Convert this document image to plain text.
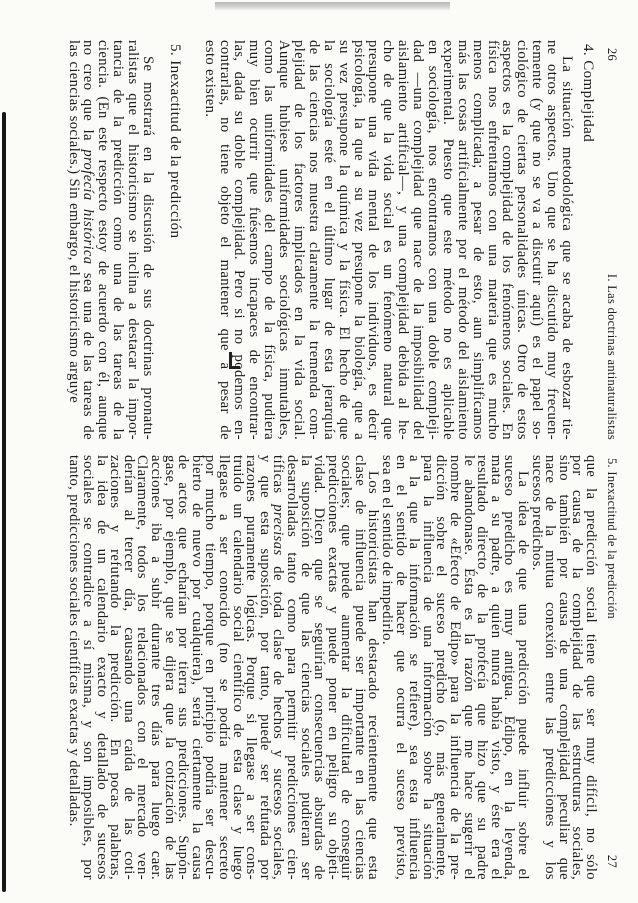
26
I. Las doctrinas antinaturalistas
4. Complejidad
La situación metodológica que se acaba de esbozar tie-
ne otros aspectos. Uno que se ha discutido muy frecuen-
temente (y que no se va a discutir aquí) es el papel so-
ciológico de ciertas personalidades únicas. Otro de estos
aspectos es la complejidad de los fenómenos sociales. En
física nos enfrentamos con una materia que es mucho
menos complicada; a pesar de esto, aun simplificamos
más las cosas artificialmente por el método del aislamiento
experimental. Puesto que este método no es aplicable
en sociología, nos encontramos con una doble compleji-
dad —una complejidad que nace de la imposibilidad del
aislamiento artificial—, y una complejidad debida al he-
cho de que la vida social es un fenómeno natural que
presupone una vida mental de los individuos, es decir
psicología, la que a su vez presupone la biología, que a
su vez presupone la química y la física. El hecho de que
la sociología esté en el último lugar de esta jerarquía
de las ciencias nos muestra claramente la tremenda com-
plejidad de los factores implicados en la vida social.
Aunque hubiese uniformidades sociológicas inmutables,
como las uniformidades del campo de la física, pudiera
muy bien ocurrir que fuésemos incapaces de encontrar-
las, dada su doble complejidad. Pero si no podemos en-
contrarlas, no tiene objeto el mantener que a pesar de
esto existen.
5. Inexactitud de la predicción
Se mostrará en la discusión de sus doctrinas pronatu-
ralistas que el historicismo se inclina a destacar la impor-
tancia de la predicción como una de las tareas de la
ciencia. (En este respecto estoy de acuerdo con él, aunque
no creo que la profecía histórica sea una de las tareas de
las ciencias sociales.) Sin embargo, el historicismo arguye
5. Inexactitud de la predicción
27
que la predicción social tiene que ser muy difícil, no sólo
por causa de la complejidad de las estructuras sociales,
sino también por causa de una complejidad peculiar que
nace de la mutua conexión entre las predicciones y los
sucesos predichos.
La idea de que una predicción puede influir sobre el
suceso predicho es muy antigua. Edipo, en la leyenda,
mata a su padre, a quien nunca había visto, y éste era el
resultado directo de la profecía que hizo que su padre
le abandonase. Ésta es la razón que me hace sugerir el
nombre de «Efecto de Edipo» para la influencia de la pre-
dicción sobre el suceso predicho (o, más generalmente,
para la influencia de una información sobre la situación
a la que la información se refiere), sea esta influencia
en el sentido de hacer que ocurra el suceso previsto,
sea en el sentido de impedirlo.
Los historicistas han destacado recientemente que esta
clase de influencia puede ser importante en las ciencias
sociales; que puede aumentar la dificultad de conseguir
predicciones exactas y puede poner en peligro su objeti-
vidad. Dicen que se seguirían consecuencias absurdas de
la suposición de que las ciencias sociales pudieran ser
desarrolladas tanto como para permitir predicciones cien-
tíficas precisas de toda clase de hechos y sucesos sociales,
y que esta suposición, por tanto, puede ser refutada por
razones puramente lógicas. Porque si llegase a ser cons-
truido un calendario social científico de esta clase y luego
llegase a ser conocido (no se podría mantener secreto
por mucho tiempo, porque en principio podría ser descu-
bierto de nuevo por cualquiera), sería ciertamente la causa
de actos que echarían por tierra sus predicciones. Supón-
gase, por ejemplo, que se dijera que la cotización de las
acciones iba a subir durante tres días para luego caer.
Claramente, todos los relacionados con el mercado ven-
derían al tercer día, causando una caída de las coti-
zaciones y refutando la predicción. En pocas palabras,
la idea de un calendario exacto y detallado de sucesos
sociales se contradice a sí misma, y son imposibles, por
tanto, predicciones sociales científicas exactas y detalladas.
